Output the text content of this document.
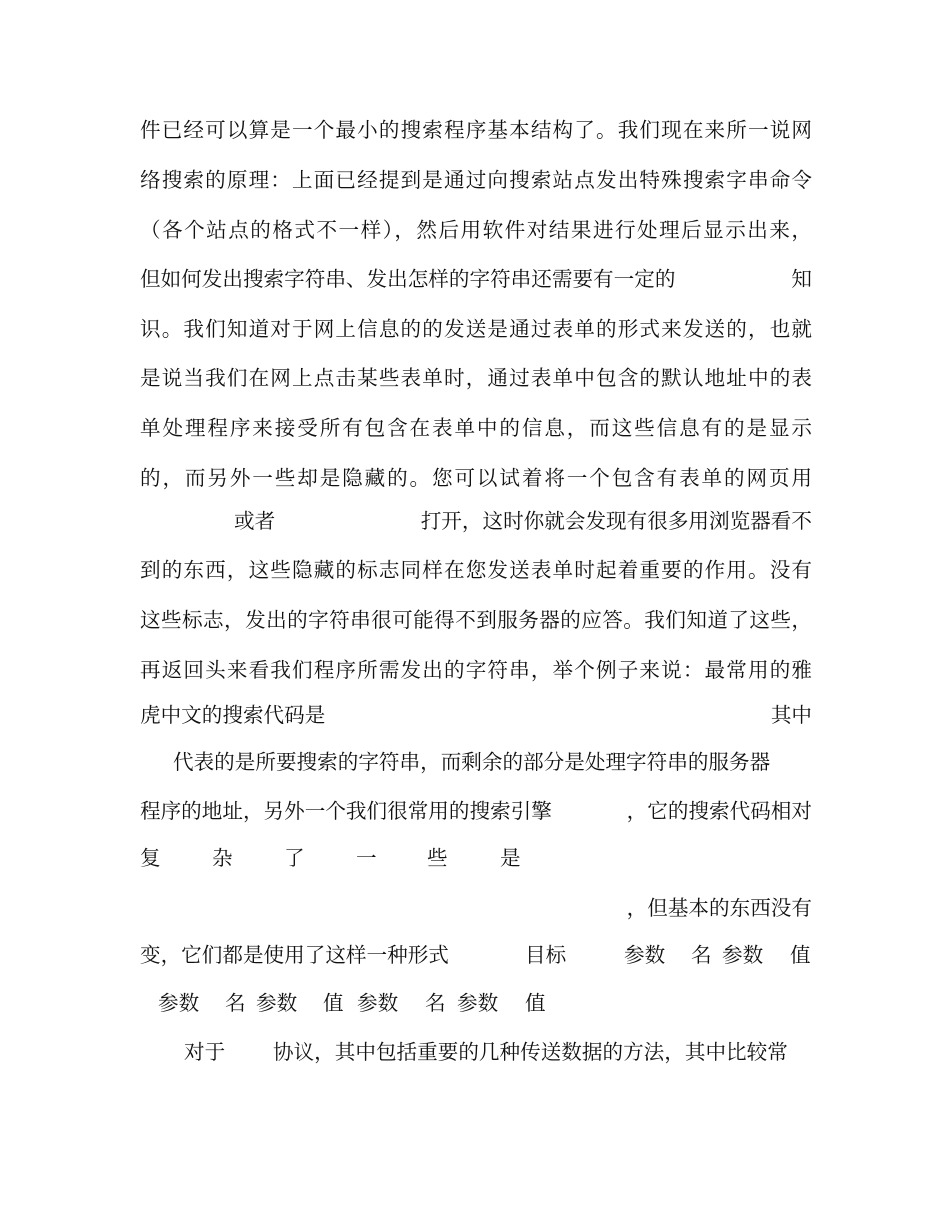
件已经可以算是一个最小的搜索程序基本结构了。我们现在来所一说网
络搜索的原理：上面已经提到是通过向搜索站点发出特殊搜索字串命令
（各个站点的格式不一样），然后用软件对结果进行处理后显示出来，
但如何发出搜索字符串、发出怎样的字符串还需要有一定的	知
识。我们知道对于网上信息的的发送是通过表单的形式来发送的，也就
是说当我们在网上点击某些表单时，通过表单中包含的默认地址中的表
单处理程序来接受所有包含在表单中的信息，而这些信息有的是显示
的，而另外一些却是隐藏的。您可以试着将一个包含有表单的网页用
或者	打开，这时你就会发现有很多用浏览器看不
到的东西，这些隐藏的标志同样在您发送表单时起着重要的作用。没有
这些标志，发出的字符串很可能得不到服务器的应答。我们知道了这些，
再返回头来看我们程序所需发出的字符串，举个例子来说：最常用的雅
虎中文的搜索代码是	其中
代表的是所要搜索的字符串，而剩余的部分是处理字符串的服务器
程序的地址，另外一个我们很常用的搜索引擎	，它的搜索代码相对
复 杂 了 一 些	是
，但基本的东西没有
变，它们都是使用了这样一种形式	目标	参数 名 参数 值
参数 名 参数 值 参数 名 参数 值
对于 协议，其中包括重要的几种传送数据的方法，其中比较常
